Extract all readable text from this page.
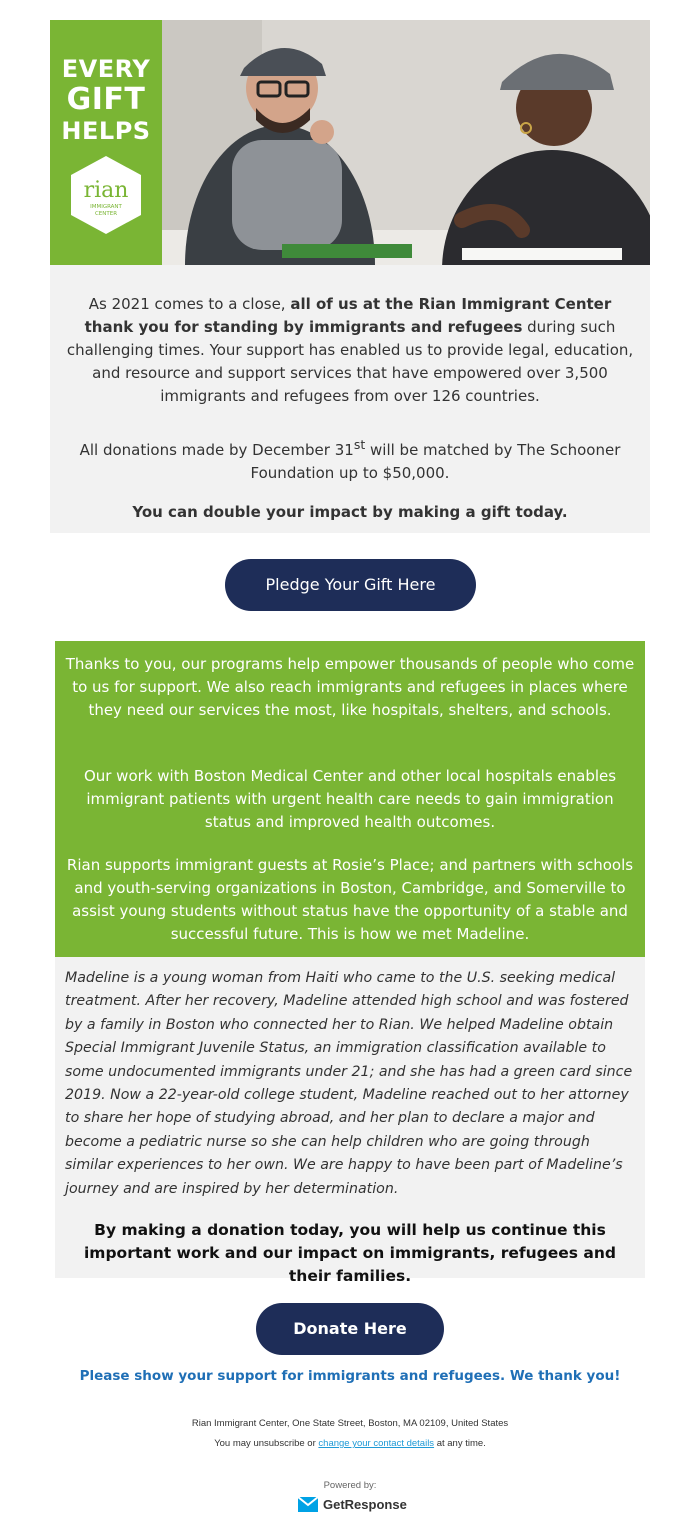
EVERY
GIFT
HELPS
rian
IMMIGRANT
CENTER

As 2021 comes to a close, all of us at the Rian Immigrant Center thank you for standing by immigrants and refugees during such challenging times. Your support has enabled us to provide legal, education, and resource and support services that have empowered over 3,500 immigrants and refugees from over 126 countries.

All donations made by December 31st will be matched by The Schooner Foundation up to $50,000.

You can double your impact by making a gift today.

Pledge Your Gift Here

Thanks to you, our programs help empower thousands of people who come to us for support. We also reach immigrants and refugees in places where they need our services the most, like hospitals, shelters, and schools.

Our work with Boston Medical Center and other local hospitals enables immigrant patients with urgent health care needs to gain immigration status and improved health outcomes.

Rian supports immigrant guests at Rosie’s Place; and partners with schools and youth-serving organizations in Boston, Cambridge, and Somerville to assist young students without status have the opportunity of a stable and successful future. This is how we met Madeline.

Madeline is a young woman from Haiti who came to the U.S. seeking medical treatment. After her recovery, Madeline attended high school and was fostered by a family in Boston who connected her to Rian. We helped Madeline obtain Special Immigrant Juvenile Status, an immigration classification available to some undocumented immigrants under 21; and she has had a green card since 2019. Now a 22-year-old college student, Madeline reached out to her attorney to share her hope of studying abroad, and her plan to declare a major and become a pediatric nurse so she can help children who are going through similar experiences to her own. We are happy to have been part of Madeline’s journey and are inspired by her determination.

By making a donation today, you will help us continue this important work and our impact on immigrants, refugees and their families.

Donate Here
Please show your support for immigrants and refugees. We thank you!
Rian Immigrant Center, One State Street, Boston, MA 02109, United States
You may unsubscribe or change your contact details at any time.
Powered by:
GetResponse
